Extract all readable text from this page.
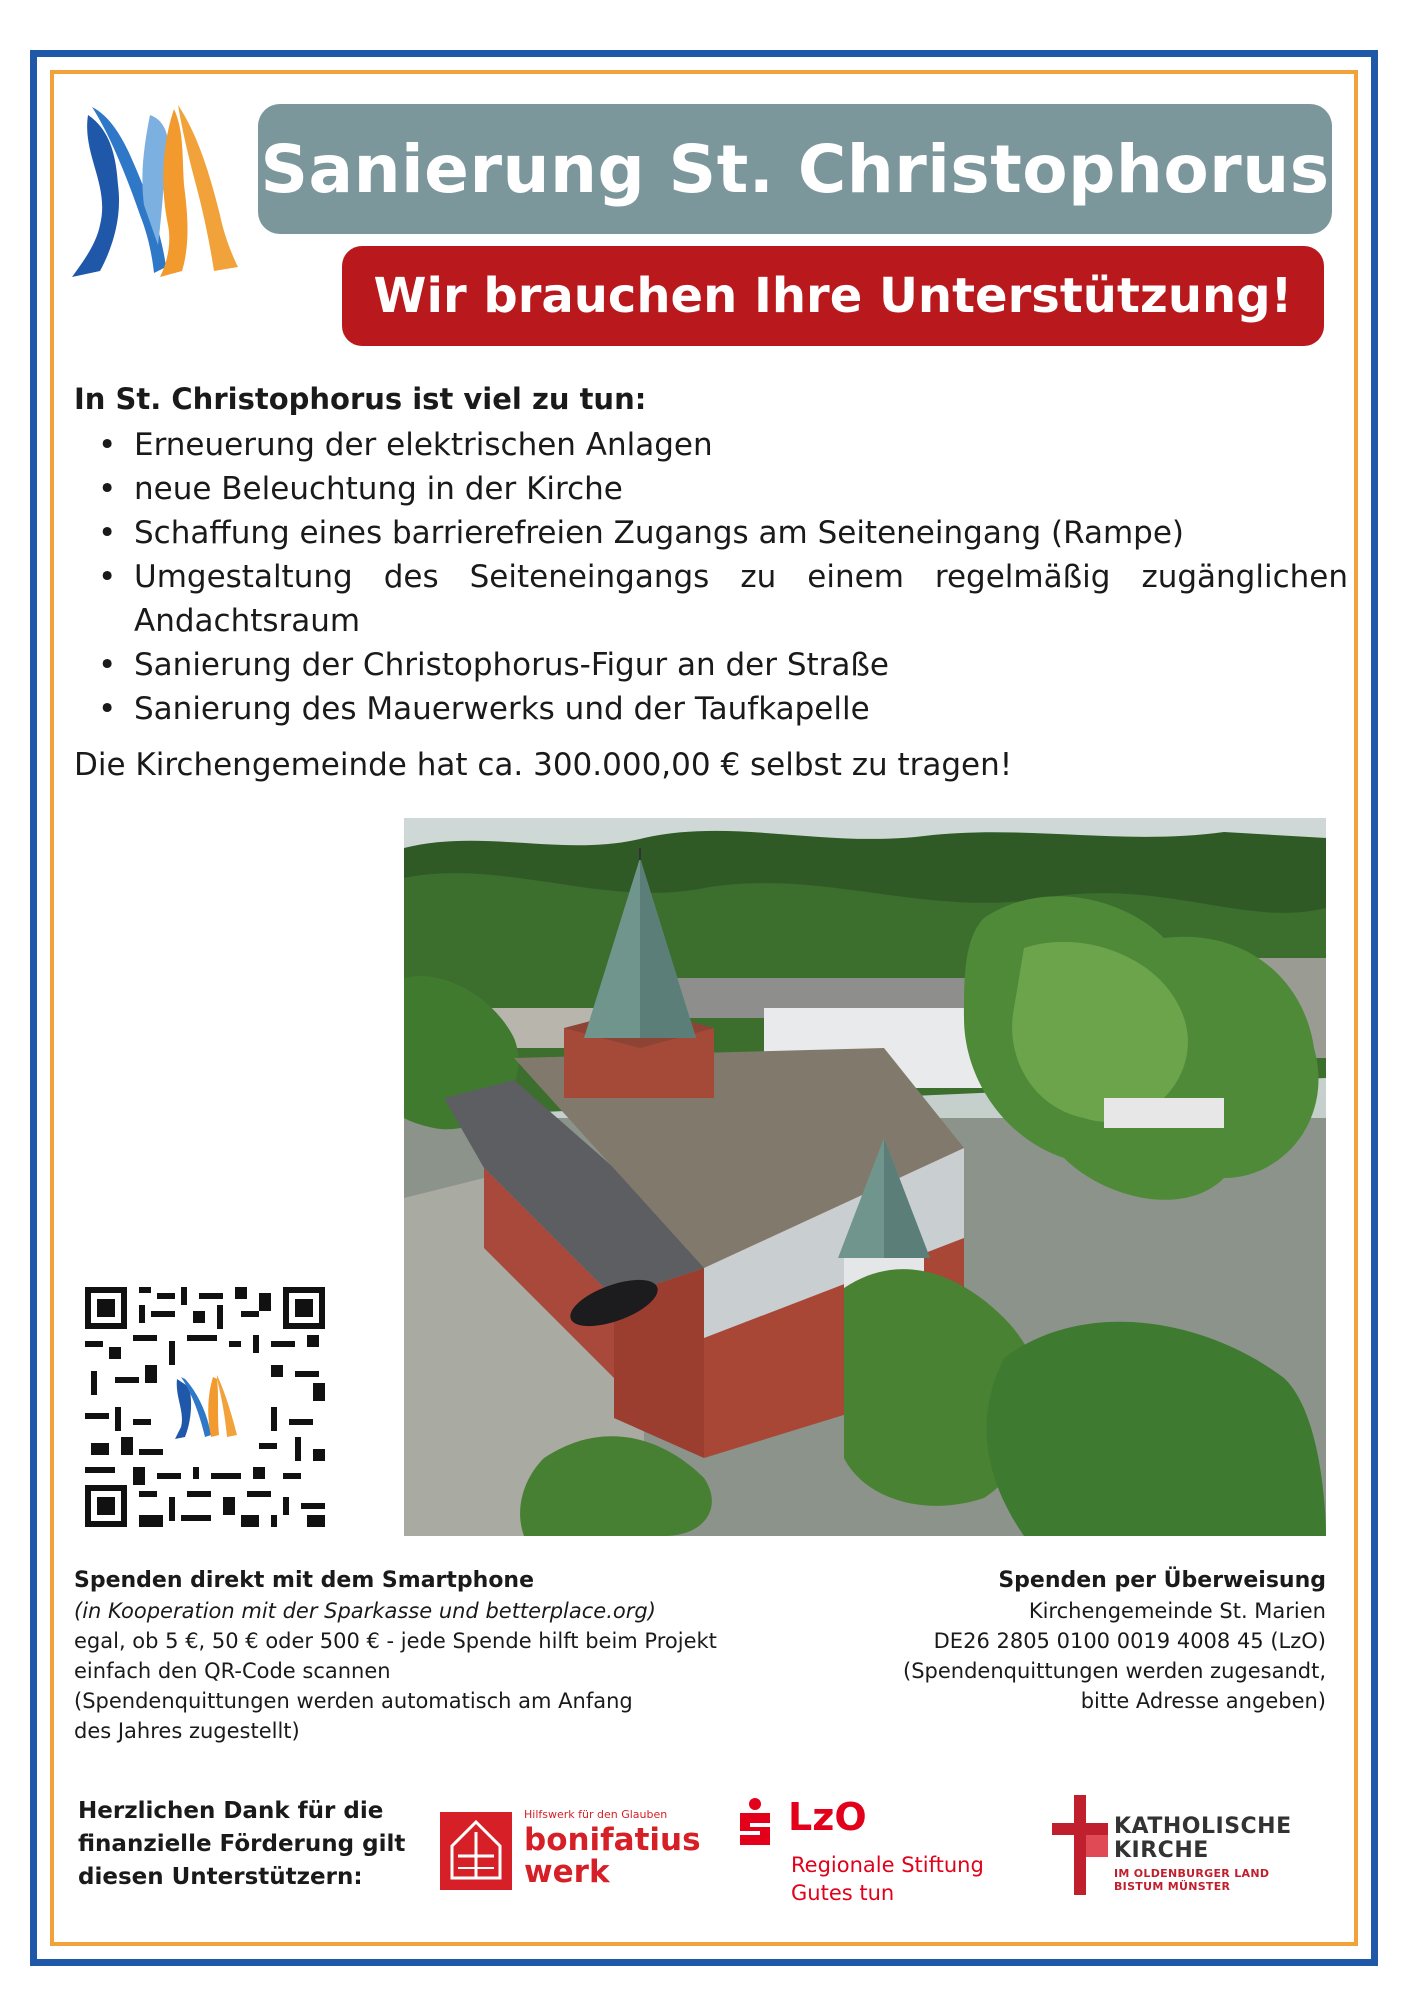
Sanierung St. Christophorus
Wir brauchen Ihre Unterstützung!
In St. Christophorus ist viel zu tun:
• Erneuerung der elektrischen Anlagen
• neue Beleuchtung in der Kirche
• Schaffung eines barrierefreien Zugangs am Seiteneingang (Rampe)
• Umgestaltung des Seiteneingangs zu einem regelmäßig zugänglichen
Andachtsraum
• Sanierung der Christophorus-Figur an der Straße
• Sanierung des Mauerwerks und der Taufkapelle
Die Kirchengemeinde hat ca. 300.000,00 € selbst zu tragen!
Spenden direkt mit dem Smartphone
(in Kooperation mit der Sparkasse und betterplace.org)
egal, ob 5 €, 50 € oder 500 € - jede Spende hilft beim Projekt
einfach den QR-Code scannen
(Spendenquittungen werden automatisch am Anfang
des Jahres zugestellt)
Spenden per Überweisung
Kirchengemeinde St. Marien
DE26 2805 0100 0019 4008 45 (LzO)
(Spendenquittungen werden zugesandt,
bitte Adresse angeben)
Herzlichen Dank für die
finanzielle Förderung gilt
diesen Unterstützern:
Hilfswerk für den Glauben
bonifatius
werk
LzO
Regionale Stiftung
Gutes tun
KATHOLISCHE
KIRCHE
IM OLDENBURGER LAND
BISTUM MÜNSTER
